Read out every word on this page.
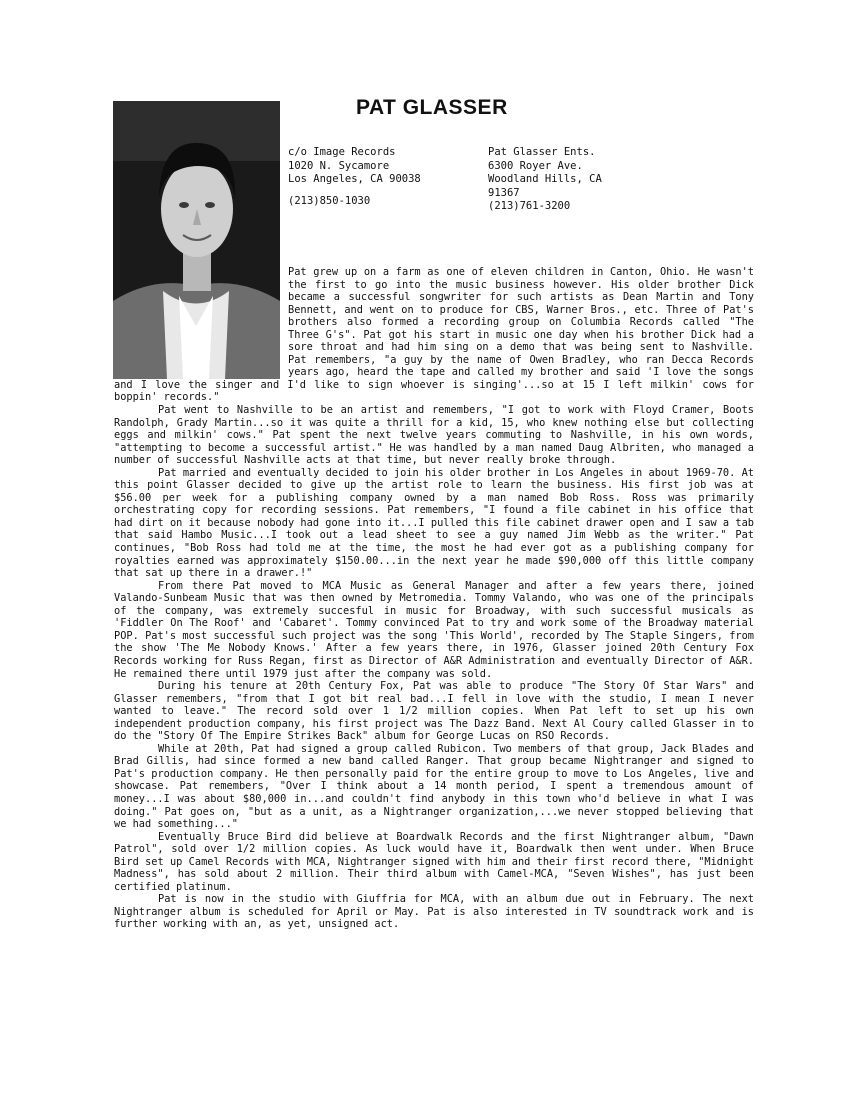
PAT GLASSER
c/o Image Records
1020 N. Sycamore
Los Angeles, CA 90038
(213)850-1030
Pat Glasser Ents.
6300 Royer Ave.
Woodland Hills, CA
91367
(213)761-3200

Pat grew up on a farm as one of eleven children in Canton, Ohio. He wasn't the first to go into the music business however. His older brother Dick became a successful songwriter for such artists as Dean Martin and Tony Bennett, and went on to produce for CBS, Warner Bros., etc. Three of Pat's brothers also formed a recording group on Columbia Records called "The Three G's". Pat got his start in music one day when his brother Dick had a sore throat and had him sing on a demo that was being sent to Nashville. Pat remembers, "a guy by the name of Owen Bradley, who ran Decca Records years ago, heard the tape and called my brother and said 'I love the songs and I love the singer and I'd like to sign whoever is singing'...so at 15 I left milkin' cows for boppin' records."

Pat went to Nashville to be an artist and remembers, "I got to work with Floyd Cramer, Boots Randolph, Grady Martin...so it was quite a thrill for a kid, 15, who knew nothing else but collecting eggs and milkin' cows." Pat spent the next twelve years commuting to Nashville, in his own words, "attempting to become a successful artist." He was handled by a man named Daug Albriten, who managed a number of successful Nashville acts at that time, but never really broke through.

Pat married and eventually decided to join his older brother in Los Angeles in about 1969-70. At this point Glasser decided to give up the artist role to learn the business. His first job was at $56.00 per week for a publishing company owned by a man named Bob Ross. Ross was primarily orchestrating copy for recording sessions. Pat remembers, "I found a file cabinet in his office that had dirt on it because nobody had gone into it...I pulled this file cabinet drawer open and I saw a tab that said Hambo Music...I took out a lead sheet to see a guy named Jim Webb as the writer." Pat continues, "Bob Ross had told me at the time, the most he had ever got as a publishing company for royalties earned was approximately $150.00...in the next year he made $90,000 off this little company that sat up there in a drawer.!"

From there Pat moved to MCA Music as General Manager and after a few years there, joined Valando-Sunbeam Music that was then owned by Metromedia. Tommy Valando, who was one of the principals of the company, was extremely succesful in music for Broadway, with such successful musicals as 'Fiddler On The Roof' and 'Cabaret'. Tommy convinced Pat to try and work some of the Broadway material POP. Pat's most successful such project was the song 'This World', recorded by The Staple Singers, from the show 'The Me Nobody Knows.' After a few years there, in 1976, Glasser joined 20th Century Fox Records working for Russ Regan, first as Director of A&R Administration and eventually Director of A&R. He remained there until 1979 just after the company was sold.

During his tenure at 20th Century Fox, Pat was able to produce "The Story Of Star Wars" and Glasser remembers, "from that I got bit real bad...I fell in love with the studio, I mean I never wanted to leave." The record sold over 1 1/2 million copies. When Pat left to set up his own independent production company, his first project was The Dazz Band. Next Al Coury called Glasser in to do the "Story Of The Empire Strikes Back" album for George Lucas on RSO Records.

While at 20th, Pat had signed a group called Rubicon. Two members of that group, Jack Blades and Brad Gillis, had since formed a new band called Ranger. That group became Nightranger and signed to Pat's production company. He then personally paid for the entire group to move to Los Angeles, live and showcase. Pat remembers, "Over I think about a 14 month period, I spent a tremendous amount of money...I was about $80,000 in...and couldn't find anybody in this town who'd believe in what I was doing." Pat goes on, "but as a unit, as a Nightranger organization,...we never stopped believing that we had something..."

Eventually Bruce Bird did believe at Boardwalk Records and the first Nightranger album, "Dawn Patrol", sold over 1/2 million copies. As luck would have it, Boardwalk then went under. When Bruce Bird set up Camel Records with MCA, Nightranger signed with him and their first record there, "Midnight Madness", has sold about 2 million. Their third album with Camel-MCA, "Seven Wishes", has just been certified platinum.

Pat is now in the studio with Giuffria for MCA, with an album due out in February. The next Nightranger album is scheduled for April or May. Pat is also interested in TV soundtrack work and is further working with an, as yet, unsigned act.
